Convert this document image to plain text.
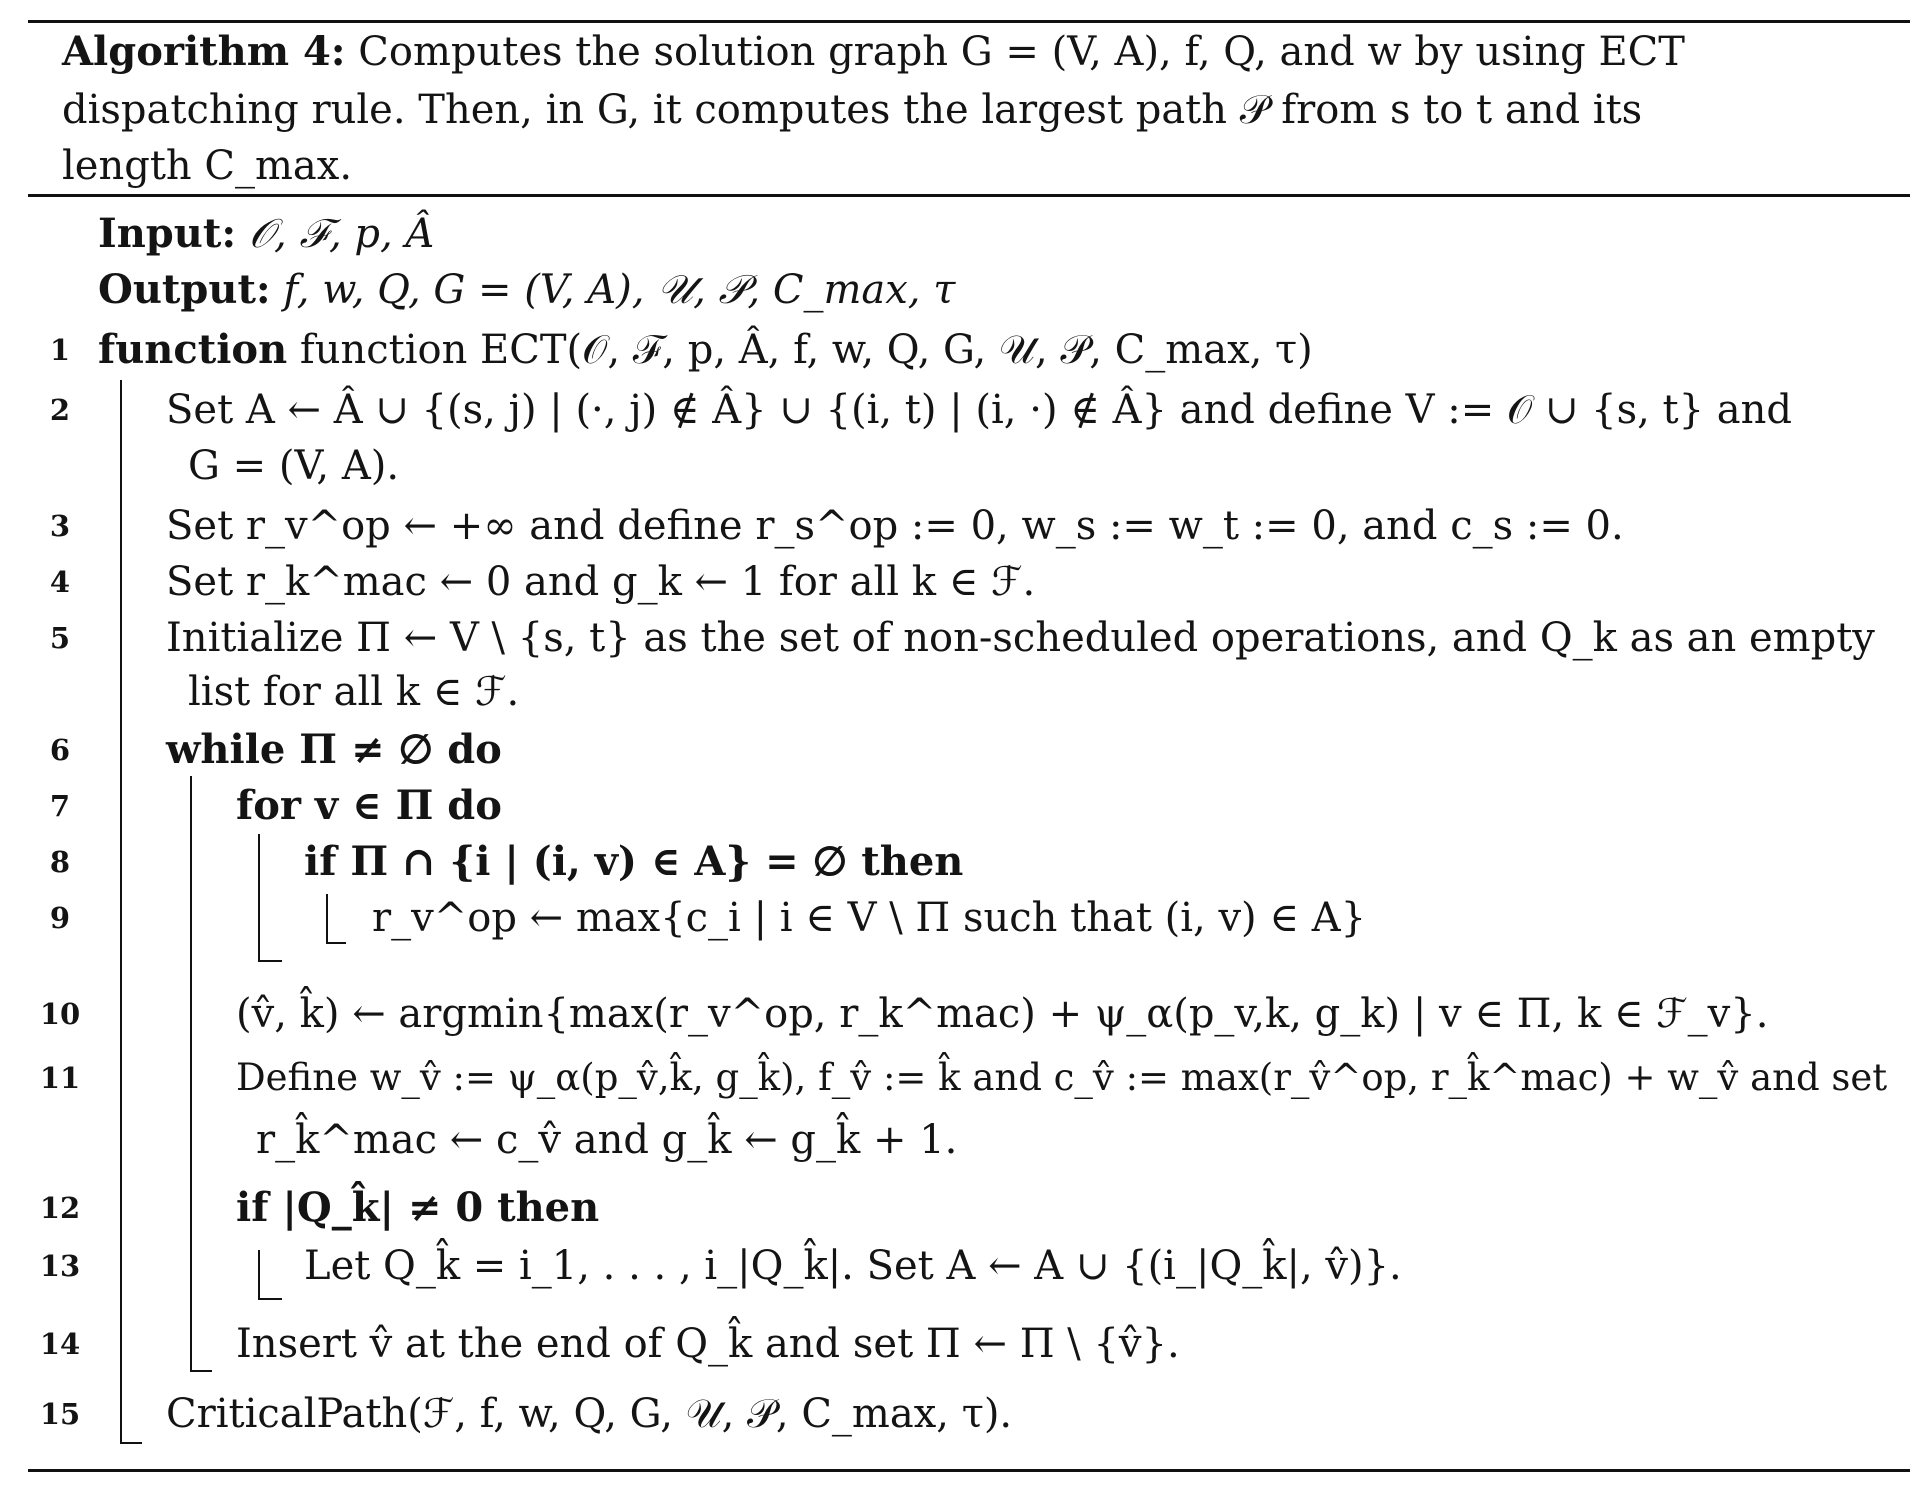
Algorithm 4: Computes the solution graph G = (V, A), f, Q, and w by using ECT
dispatching rule. Then, in G, it computes the largest path 𝒫 from s to t and its
length C_max.
Input: 𝒪, ℱ, p, Â
Output: f, w, Q, G = (V, A), 𝒰, 𝒫, C_max, τ
1
2
3
4
5
6
7
8
9
10
11
12
13
14
15
function function ECT(𝒪, ℱ, p, Â, f, w, Q, G, 𝒰, 𝒫, C_max, τ)
Set A ← Â ∪ {(s, j) | (·, j) ∉ Â} ∪ {(i, t) | (i, ·) ∉ Â} and define V := 𝒪 ∪ {s, t} and
G = (V, A).
Set r_v^op ← +∞ and define r_s^op := 0, w_s := w_t := 0, and c_s := 0.
Set r_k^mac ← 0 and g_k ← 1 for all k ∈ ℱ.
Initialize Π ← V \ {s, t} as the set of non-scheduled operations, and Q_k as an empty
list for all k ∈ ℱ.
while Π ≠ ∅ do
for v ∈ Π do
if Π ∩ {i | (i, v) ∈ A} = ∅ then
r_v^op ← max{c_i | i ∈ V \ Π such that (i, v) ∈ A}
(v̂, k̂) ← argmin{max(r_v^op, r_k^mac) + ψ_α(p_v,k, g_k) | v ∈ Π, k ∈ ℱ_v}.
Define w_v̂ := ψ_α(p_v̂,k̂, g_k̂), f_v̂ := k̂ and c_v̂ := max(r_v̂^op, r_k̂^mac) + w_v̂ and set
r_k̂^mac ← c_v̂ and g_k̂ ← g_k̂ + 1.
if |Q_k̂| ≠ 0 then
Let Q_k̂ = i_1, . . . , i_|Q_k̂|. Set A ← A ∪ {(i_|Q_k̂|, v̂)}.
Insert v̂ at the end of Q_k̂ and set Π ← Π \ {v̂}.
CriticalPath(ℱ, f, w, Q, G, 𝒰, 𝒫, C_max, τ).
